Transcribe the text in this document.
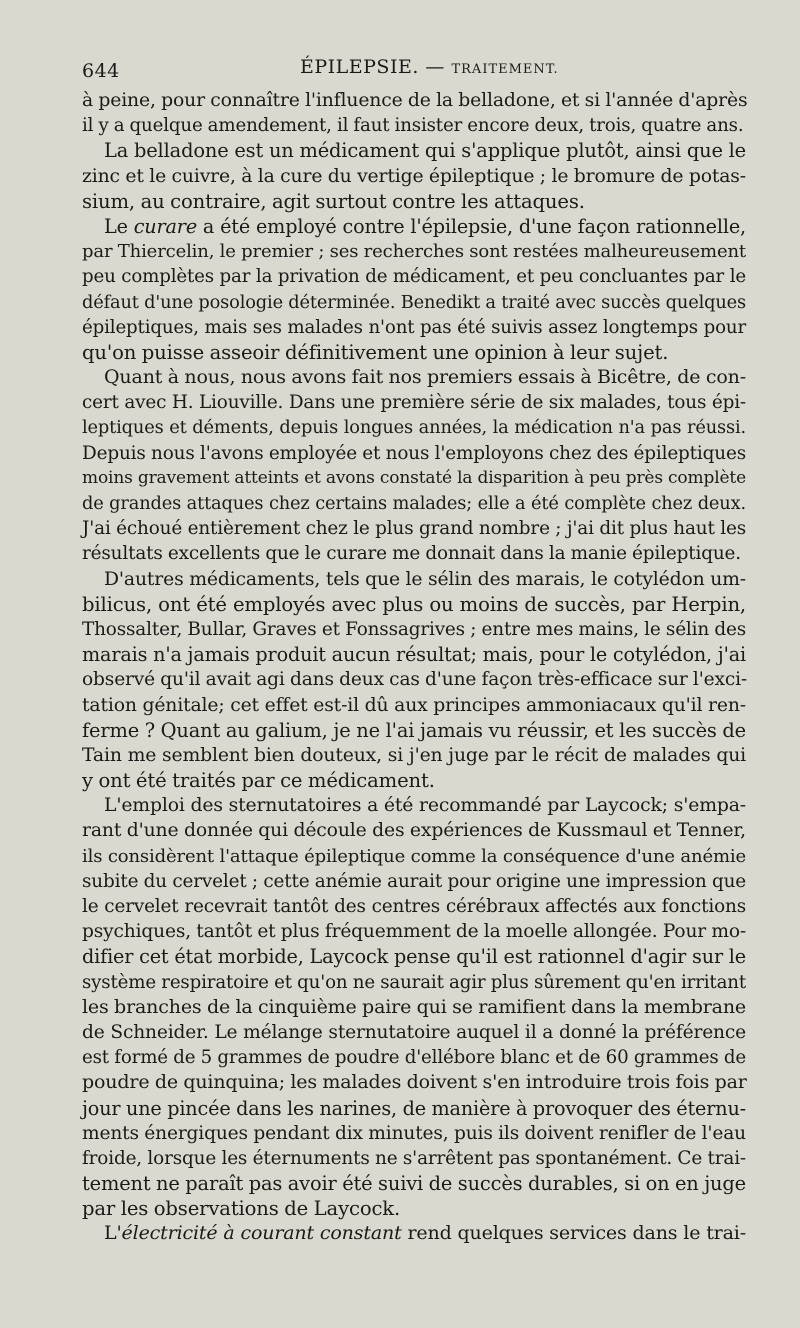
644	ÉPILEPSIE. — TRAITEMENT.
à peine, pour connaître l'influence de la belladone, et si l'année d'après
il y a quelque amendement, il faut insister encore deux, trois, quatre ans.
La belladone est un médicament qui s'applique plutôt, ainsi que le
zinc et le cuivre, à la cure du vertige épileptique ; le bromure de potas-
sium, au contraire, agit surtout contre les attaques.
Le curare a été employé contre l'épilepsie, d'une façon rationnelle,
par Thiercelin, le premier ; ses recherches sont restées malheureusement
peu complètes par la privation de médicament, et peu concluantes par le
défaut d'une posologie déterminée. Benedikt a traité avec succès quelques
épileptiques, mais ses malades n'ont pas été suivis assez longtemps pour
qu'on puisse asseoir définitivement une opinion à leur sujet.
Quant à nous, nous avons fait nos premiers essais à Bicêtre, de con-
cert avec H. Liouville. Dans une première série de six malades, tous épi-
leptiques et déments, depuis longues années, la médication n'a pas réussi.
Depuis nous l'avons employée et nous l'employons chez des épileptiques
moins gravement atteints et avons constaté la disparition à peu près complète
de grandes attaques chez certains malades; elle a été complète chez deux.
J'ai échoué entièrement chez le plus grand nombre ; j'ai dit plus haut les
résultats excellents que le curare me donnait dans la manie épileptique.
D'autres médicaments, tels que le sélin des marais, le cotylédon um-
bilicus, ont été employés avec plus ou moins de succès, par Herpin,
Thossalter, Bullar, Graves et Fonssagrives ; entre mes mains, le sélin des
marais n'a jamais produit aucun résultat; mais, pour le cotylédon, j'ai
observé qu'il avait agi dans deux cas d'une façon très-efficace sur l'exci-
tation génitale; cet effet est-il dû aux principes ammoniacaux qu'il ren-
ferme ? Quant au galium, je ne l'ai jamais vu réussir, et les succès de
Tain me semblent bien douteux, si j'en juge par le récit de malades qui
y ont été traités par ce médicament.
L'emploi des sternutatoires a été recommandé par Laycock; s'empa-
rant d'une donnée qui découle des expériences de Kussmaul et Tenner,
ils considèrent l'attaque épileptique comme la conséquence d'une anémie
subite du cervelet ; cette anémie aurait pour origine une impression que
le cervelet recevrait tantôt des centres cérébraux affectés aux fonctions
psychiques, tantôt et plus fréquemment de la moelle allongée. Pour mo-
difier cet état morbide, Laycock pense qu'il est rationnel d'agir sur le
système respiratoire et qu'on ne saurait agir plus sûrement qu'en irritant
les branches de la cinquième paire qui se ramifient dans la membrane
de Schneider. Le mélange sternutatoire auquel il a donné la préférence
est formé de 5 grammes de poudre d'ellébore blanc et de 60 grammes de
poudre de quinquina; les malades doivent s'en introduire trois fois par
jour une pincée dans les narines, de manière à provoquer des éternu-
ments énergiques pendant dix minutes, puis ils doivent renifler de l'eau
froide, lorsque les éternuments ne s'arrêtent pas spontanément. Ce trai-
tement ne paraît pas avoir été suivi de succès durables, si on en juge
par les observations de Laycock.
L'électricité à courant constant rend quelques services dans le trai-
